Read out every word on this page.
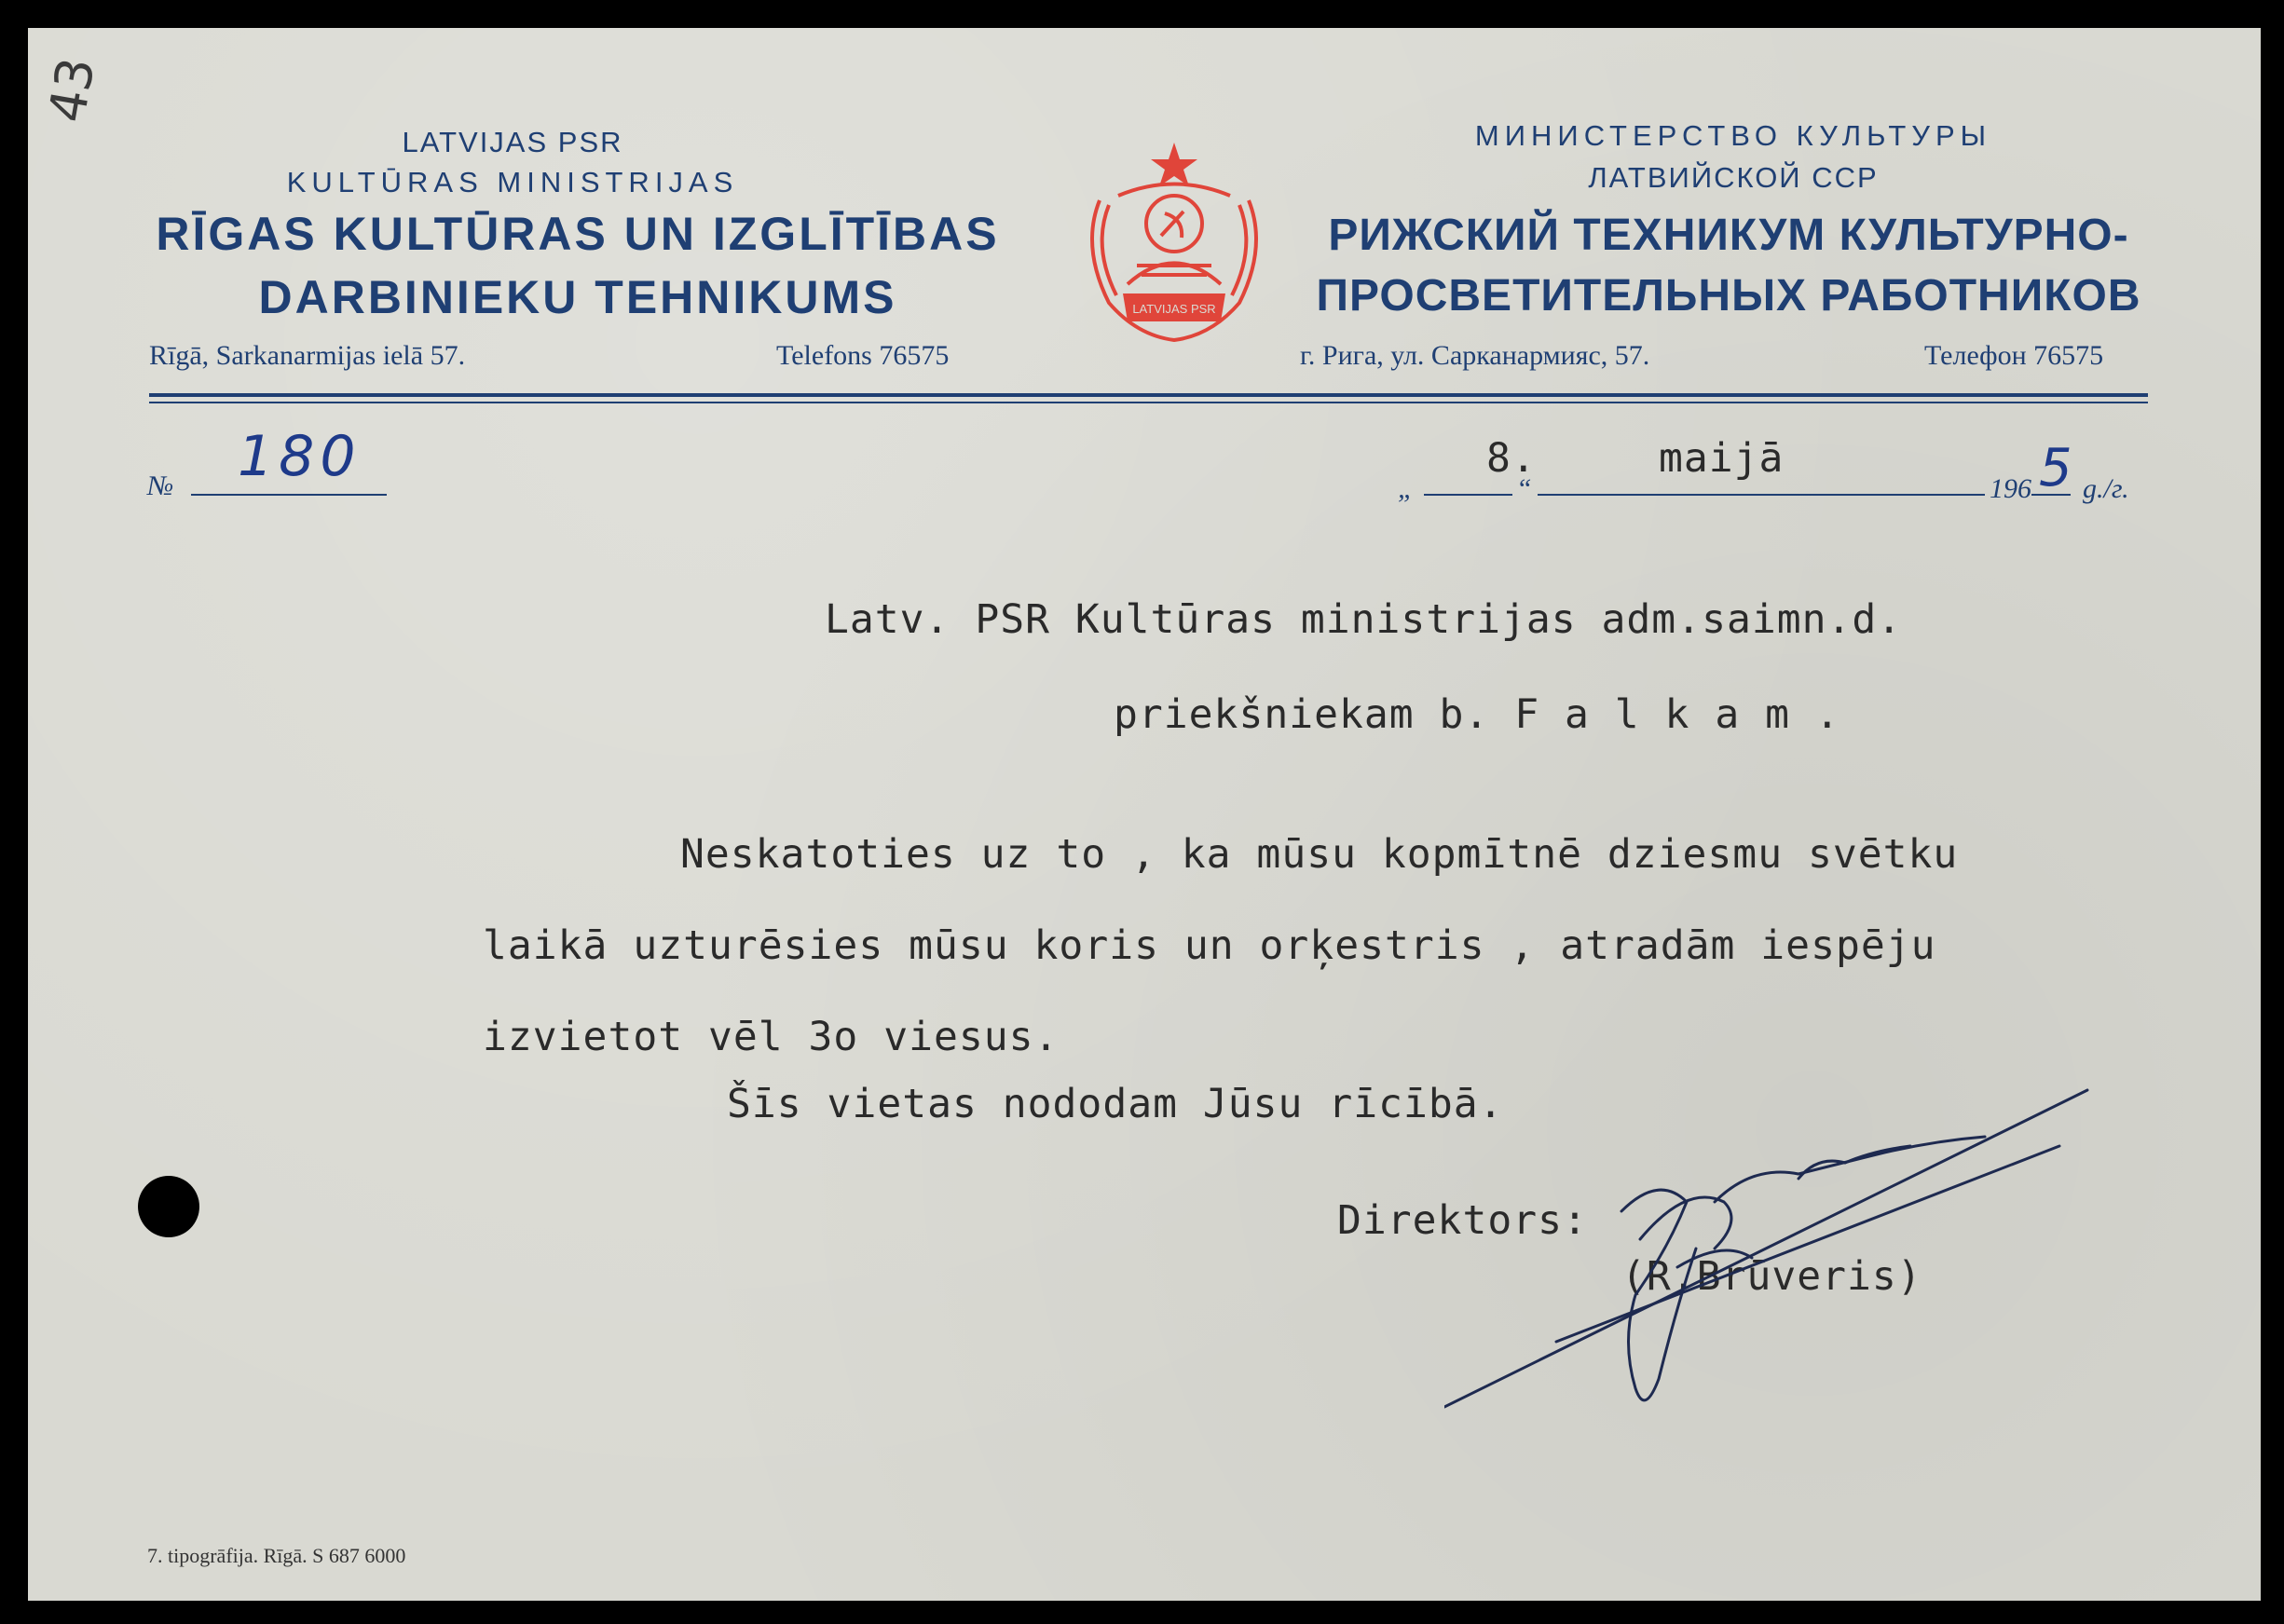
43
LATVIJAS PSR
KULTŪRAS MINISTRIJAS
RĪGAS KULTŪRAS UN IZGLĪTĪBAS
DARBINIEKU TEHNIKUMS
МИНИСТЕРСТВО КУЛЬТУРЫ
ЛАТВИЙСКОЙ ССР
РИЖСКИЙ ТЕХНИКУМ КУЛЬТУРНО-
ПРОСВЕТИТЕЛЬНЫХ РАБОТНИКОВ
LATVIJAS PSR
Rīgā, Sarkanarmijas ielā 57.	Telefons 76575	г. Рига, ул. Сарканармияс, 57.	Телефон 76575
№ 180	„
8.
“
maijā
196 5 g./г.
Latv. PSR Kultūras ministrijas adm.saimn.d.
priekšniekam b. F a l k a m .
Neskatoties uz to , ka mūsu kopmītnē dziesmu svētku
laikā uzturēsies mūsu koris un orķestris , atradām iespēju
izvietot vēl 3o viesus.
Šīs vietas nododam Jūsu rīcībā.
Direktors:
(R.Brūveris)
7. tipogrāfija. Rīgā. S 687 6000
